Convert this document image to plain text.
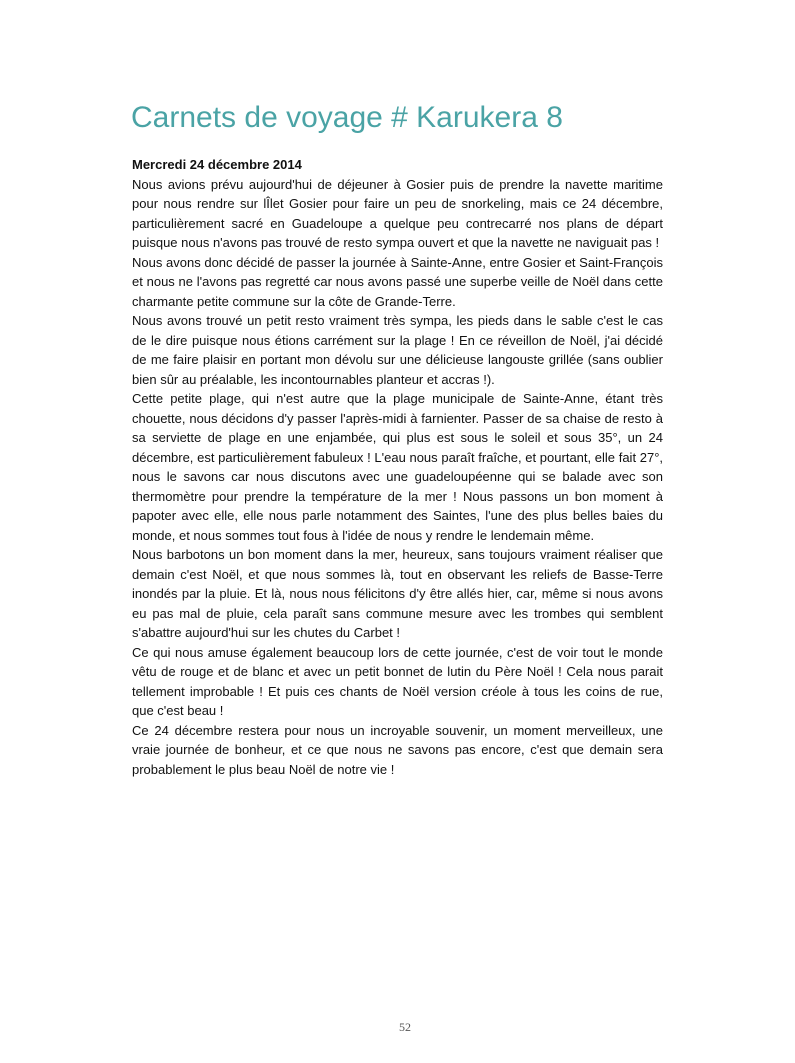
Carnets de voyage # Karukera 8

Mercredi 24 décembre 2014

Nous avions prévu aujourd'hui de déjeuner à Gosier puis de prendre la navette maritime pour nous rendre sur lÎlet Gosier pour faire un peu de snorkeling, mais ce 24 décembre, particulièrement sacré en Guadeloupe a quelque peu contrecarré nos plans de départ puisque nous n'avons pas trouvé de resto sympa ouvert et que la navette ne naviguait pas !

Nous avons donc décidé de passer la journée à Sainte-Anne, entre Gosier et Saint-François et nous ne l'avons pas regretté car nous avons passé une superbe veille de Noël dans cette charmante petite commune sur la côte de Grande-Terre.

Nous avons trouvé un petit resto vraiment très sympa, les pieds dans le sable c'est le cas de le dire puisque nous étions carrément sur la plage ! En ce réveillon de Noël, j'ai décidé de me faire plaisir en portant mon dévolu sur une délicieuse langouste grillée (sans oublier bien sûr au préalable, les incontournables planteur et accras !).

Cette petite plage, qui n'est autre que la plage municipale de Sainte-Anne, étant très chouette, nous décidons d'y passer l'après-midi à farnienter. Passer de sa chaise de resto à sa serviette de plage en une enjambée, qui plus est sous le soleil et sous 35°, un 24 décembre, est particulièrement fabuleux ! L'eau nous paraît fraîche, et pourtant, elle fait 27°, nous le savons car nous discutons avec une guadeloupéenne qui se balade avec son thermomètre pour prendre la température de la mer ! Nous passons un bon moment à papoter avec elle, elle nous parle notamment des Saintes, l'une des plus belles baies du monde, et nous sommes tout fous à l'idée de nous y rendre le lendemain même.

Nous barbotons un bon moment dans la mer, heureux, sans toujours vraiment réaliser que demain c'est Noël, et que nous sommes là, tout en observant les reliefs de Basse-Terre inondés par la pluie. Et là, nous nous félicitons d'y être allés hier, car, même si nous avons eu pas mal de pluie, cela paraît sans commune mesure avec les trombes qui semblent s'abattre aujourd'hui sur les chutes du Carbet !

Ce qui nous amuse également beaucoup lors de cette journée, c'est de voir tout le monde vêtu de rouge et de blanc et avec un petit bonnet de lutin du Père Noël ! Cela nous parait tellement improbable ! Et puis ces chants de Noël version créole à tous les coins de rue, que c'est beau !

Ce 24 décembre restera pour nous un incroyable souvenir, un moment merveilleux, une vraie journée de bonheur, et ce que nous ne savons pas encore, c'est que demain sera probablement le plus beau Noël de notre vie !

52
